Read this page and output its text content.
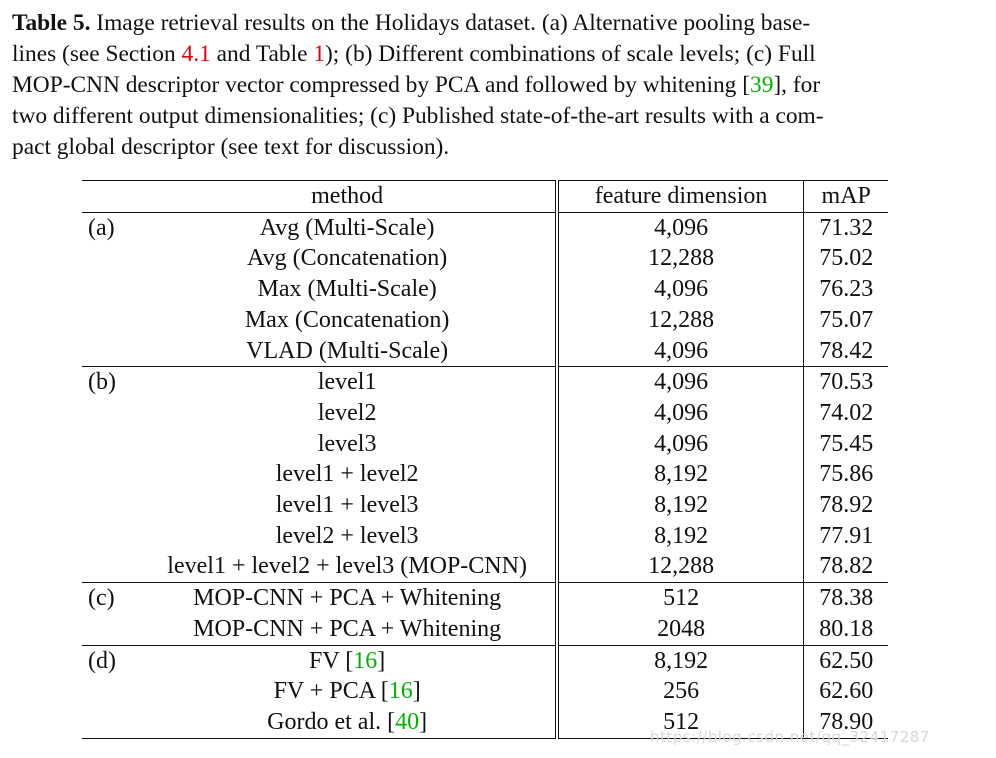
Table 5. Image retrieval results on the Holidays dataset. (a) Alternative pooling base-
lines (see Section 4.1 and Table 1); (b) Different combinations of scale levels; (c) Full
MOP-CNN descriptor vector compressed by PCA and followed by whitening [39], for
two different output dimensionalities; (c) Published state-of-the-art results with a com-
pact global descriptor (see text for discussion).
	method	feature dimension	mAP
(a)	Avg (Multi-Scale)	4,096	71.32
	Avg (Concatenation)	12,288	75.02
	Max (Multi-Scale)	4,096	76.23
	Max (Concatenation)	12,288	75.07
	VLAD (Multi-Scale)	4,096	78.42
(b)	level1	4,096	70.53
	level2	4,096	74.02
	level3	4,096	75.45
	level1 + level2	8,192	75.86
	level1 + level3	8,192	78.92
	level2 + level3	8,192	77.91
	level1 + level2 + level3 (MOP-CNN)	12,288	78.82
(c)	MOP-CNN + PCA + Whitening	512	78.38
	MOP-CNN + PCA + Whitening	2048	80.18
(d)	FV [16]	8,192	62.50
	FV + PCA [16]	256	62.60
	Gordo et al. [40]	512	78.90
https://blog.csdn.net/qq_32417287
